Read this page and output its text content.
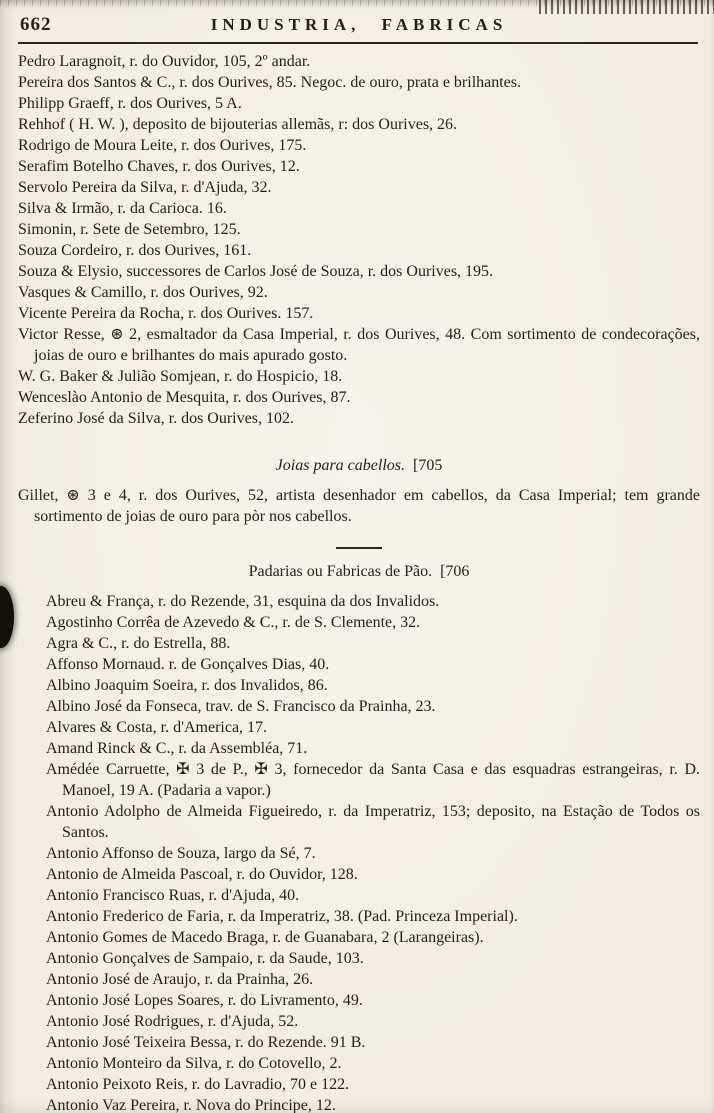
662	INDUSTRIA, FABRICAS

Pedro Laragnoit, r. do Ouvidor, 105, 2º andar.

Pereira dos Santos & C., r. dos Ourives, 85. Negoc. de ouro, prata e brilhantes.

Philipp Graeff, r. dos Ourives, 5 A.

Rehhof ( H. W. ), deposito de bijouterias allemãs, r: dos Ourives, 26.

Rodrigo de Moura Leite, r. dos Ourives, 175.

Serafim Botelho Chaves, r. dos Ourives, 12.

Servolo Pereira da Silva, r. d'Ajuda, 32.

Silva & Irmão, r. da Carioca. 16.

Simonin, r. Sete de Setembro, 125.

Souza Cordeiro, r. dos Ourives, 161.

Souza & Elysio, successores de Carlos José de Souza, r. dos Ourives, 195.

Vasques & Camillo, r. dos Ourives, 92.

Vicente Pereira da Rocha, r. dos Ourives. 157.

Victor Resse, ⊛ 2, esmaltador da Casa Imperial, r. dos Ourives, 48. Com sortimento de condecorações, joias de ouro e brilhantes do mais apurado gosto.

W. G. Baker & Julião Somjean, r. do Hospicio, 18.

Wenceslào Antonio de Mesquita, r. dos Ourives, 87.

Zeferino José da Silva, r. dos Ourives, 102.

Joias para cabellos. [705

Gillet, ⊛ 3 e 4, r. dos Ourives, 52, artista desenhador em cabellos, da Casa Imperial; tem grande sortimento de joias de ouro para pòr nos cabellos.

Padarias ou Fabricas de Pão. [706

Abreu & França, r. do Rezende, 31, esquina da dos Invalidos.

Agostinho Corrêa de Azevedo & C., r. de S. Clemente, 32.

Agra & C., r. do Estrella, 88.

Affonso Mornaud. r. de Gonçalves Dias, 40.

Albino Joaquim Soeira, r. dos Invalidos, 86.

Albino José da Fonseca, trav. de S. Francisco da Prainha, 23.

Alvares & Costa, r. d'America, 17.

Amand Rinck & C., r. da Assembléa, 71.

Amédée Carruette, ✠ 3 de P., ✠ 3, fornecedor da Santa Casa e das esquadras estrangeiras, r. D. Manoel, 19 A. (Padaria a vapor.)

Antonio Adolpho de Almeida Figueiredo, r. da Imperatriz, 153; deposito, na Estação de Todos os Santos.

Antonio Affonso de Souza, largo da Sé, 7.

Antonio de Almeida Pascoal, r. do Ouvidor, 128.

Antonio Francisco Ruas, r. d'Ajuda, 40.

Antonio Frederico de Faria, r. da Imperatriz, 38. (Pad. Princeza Imperial).

Antonio Gomes de Macedo Braga, r. de Guanabara, 2 (Larangeiras).

Antonio Gonçalves de Sampaio, r. da Saude, 103.

Antonio José de Araujo, r. da Prainha, 26.

Antonio José Lopes Soares, r. do Livramento, 49.

Antonio José Rodrigues, r. d'Ajuda, 52.

Antonio José Teixeira Bessa, r. do Rezende. 91 B.

Antonio Monteiro da Silva, r. do Cotovello, 2.

Antonio Peixoto Reis, r. do Lavradio, 70 e 122.

Antonio Vaz Pereira, r. Nova do Principe, 12.
